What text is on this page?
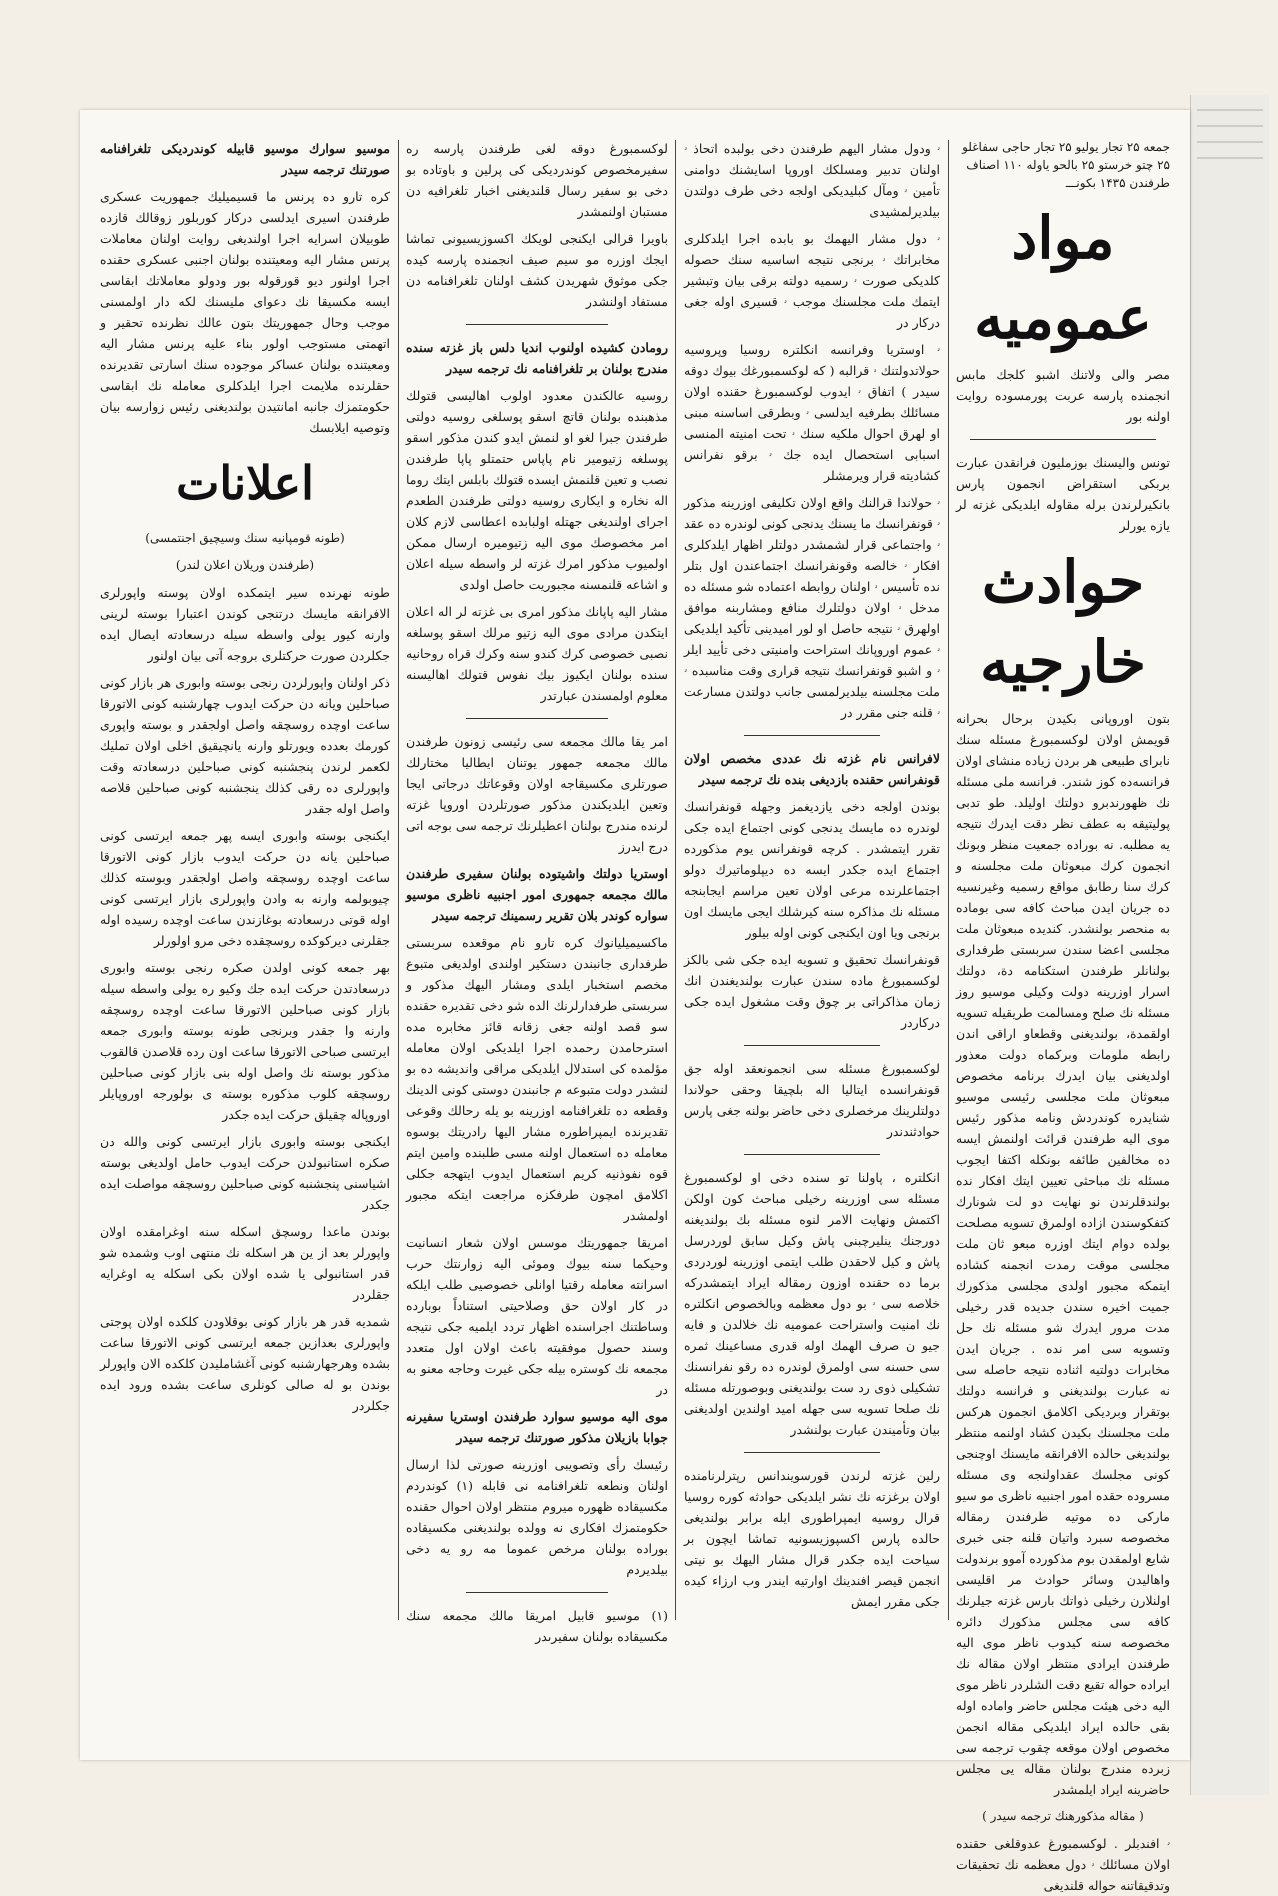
جمعه ۲۵ تجار يوليو ۲۵ تجار حاجی سفاغلو ۲۵ چتو خرستو ۲۵ بالحو ياوله ۱۱۰ اصناف طرفندن ۱۴۳۵ بكونـــ

مواد عموميه

مصر والى ولاتنك اشبو كلجك مابس انجمنده پارسه عربت پورمسوده روايت اولنه بور

تونس واليسنك بوزمليون فرانقدن عبارت بربكى استقراض انجمون پارس بانكيرلرندن برله مقاوله ايلديكى غزته لر يازه يورلر

حوادث خارجيه

بتون اوروپانى بكيدن برحال بحرانه قويمش اولان لوكسمبورغ مسئله سنك نابراى طبيعى هر بردن زياده منشاى اولان فرانسه‌ده كوز شندر. فرانسه ملى مسئله نك ظهورندبرو دولتك اوليلد. طو تدبى پوليتيقه به عطف نظر دقت ايدرك نتيجه يه مطلبه. نه بوراده جمعيت منظر وبونك انجمون كرك مبعوثان ملت مجلسنه و كرك سنا رطابق مواقع رسميه وغيرنسيه ده جريان ايدن مباحث كافه سى بوماده به منحصر بولنشدر. كنديده مبعوثان ملت مجلسى اعضا سندن سربستى طرفدارى بولنانلر طرفندن استكنامه دة، دولتك اسرار اوزرينه دولت وكيلى موسيو روز مسئله نك صلح ومسالمت طريقيله تسويه اولقمدة، بولنديغنى وقطعاو اراقى اندن رابطه ملومات وبركماه دولت معذور اولديغنى بيان ايدرك برنامه مخصوص مبعوثان ملت مجلسى رئيسى موسيو شنايدره كوندردش ونامه مذكور رئيس موى اليه طرفندن قرائت اولنمش ايسه ده مخالفين طائفه بونكله اكتفا ايجوب مسئله نك مباحثى تعيين ايتك افكار نده بولندقلرندن نو نهايت دو لت شونارك كتفكوسندن ازاده اولمرق تسويه مصلحت بولده دوام ايتك اوزره مبعو ثان ملت مجلسى موقت رمدت انجمنه كشاده ايتمكه مجبور اولدى مجلسى مذكورك جميت اخيره سندن جديده قدر رخيلى مدت مرور ايدرك شو مسئله نك حل وتسويه سى امر نده . جريان ايدن مخابرات دولتيه اثناده نتيجه حاصله سى نه عبارت بولنديغنى و فرانسه دولتك بوتقرار وبرديكى اكلامق انجمون هركس ملت مجلسنك بكيدن كشاد اولنمه منتظر بولنديغى حالده الافرانقه مايسنك اوچنجى كونى مجلسك عقداولنجه وى مسئله مسروده حقده امور اجنبيه ناظرى مو سيو ماركى ده موتيه طرفندن رمقاله مخصوصه سبرد واتيان قلنه جنى خبرى شايع اولمقدن بوم مذكورده آموو برندولت واهاليدن وسائر حوادث مر اقليسى اولنلارن رخيلى ذواتك بارس غزته جيلرنك كافه سى مجلس مذكورك دائره مخصوصه سنه كيدوب ناظر موى اليه طرفندن ايرادى منتظر اولان مقاله نك ايراده حواله تقيع دقت الشلردر ناظر موى اليه دخى هيئت مجلس حاضر واماده اوله بقى حالده ايراد ايلديكى مقاله انجمن مخصوص اولان موقعه چقوب ترجمه سى زبرده مندرج بولنان مقاله يى مجلس حاضرينه ايراد ايلمشدر

( مقاله مذكورهنك ترجمه سيدر )

ۥ افندبلر . لوكسمبورغ عدوقلغى حقنده اولان مسائلك ۥ دول معظمه نك تحقيقات وتدقيقاتنه حواله قلنديغى

ۥ ودول مشار اليهم طرفندن دخى بولبده اتحاذ ۥ اولنان تدبير ومسلكك اوروپا اسايشنك دوامنى تأمين ۥ ومآل كبليديكى اولجه دخى طرف دولتدن بيلديرلمشيدى

ۥ دول مشار اليهمك بو بابده اجرا ايلدكلرى مخابراتك ۥ برنجى نتيجه اساسيه سنك حصوله كلديكى صورت ۥ رسميه دولته برقى بيان وتبشير ايتمك ملت مجلسنك موجب ۥ قسيرى اوله جغى درکار در

ۥ اوستريا وفرانسه انكلتره روسيا وپروسيه حولاتدولتنك ۥ قرالبه ( كه لوكسمبورغك بيوك دوقه سيدر ) اتفاق ۥ ايدوب لوكسمبورغ حقنده اولان مسائلك بطرفيه ايدلسى ۥ وبطرقى اساسنه مبنى او لهرق احوال ملكيه سنك ۥ تحت امنيته المنسى اسبابى استحصال ايده جك ۥ برقو نفرانس كشاديته قرار ويرمشلر

ۥ حولاندا قرالنك واقع اولان تكليفى اوزرينه مذكور ۥ قونفرانسك ما يسنك يدنجى كونى لوندره ده عقد ۥ واجتماعى قرار لشمشدر دولتلر اظهار ايلدكلرى افكار ۥ خالصه وقونفرانسك اجتماعندن اول بتلر نده تأسيس ۥ اولنان روابطه اعتماده شو مسئله ده مدخل ۥ اولان دولتلرك منافع ومشاربنه موافق اولهرق ۥ نتيجه حاصل او لور اميدينى تأكيد ايلديكى ۥ عموم اوروپانك استراحت وامنيتى دخى تأييد ايلر ۥ و اشبو قونفرانسك نتيجه قرارى وقت مناسبده ۥ ملت مجلسنه بيلديرلمسى جانب دولتدن مسارعت ۥ قلنه جنى مقرر در

لافرانس نام غزته نك عددى مخصص اولان قونفرانس حقنده بازديغى بنده نك ترجمه سيدر

بوندن اولجه دخى يازديغمز وجهله قونفرانسك لوندره ده مايسك يدنجى كونى اجتماع ايده جكى تقرر ايتمشدر . كرچه قونفرانس يوم مذكورده اجتماع ايده جكدر ايسه ده ديپلوماتيرك دولو اجتماعلرنده مرعى اولان تعين مراسم ايجابنجه مسئله نك مذاكره سنه كيرشلك ايجى مايسك اون برنجى ويا اون ايكنجى كونى اوله بيلور

قونفرانسك تحقيق و تسويه ايده جكى شى بالكز لوكسمبورغ ماده سندن عبارت بولنديغندن انك زمان مذاكراتى بر چوق وقت مشغول ايده جكى دركاردر

لوكسمبورغ مسئله سى انجمونعقد اوله جق قونفرانسده ايتاليا اله بلچيقا وحقى حولاندا دولتلرينك مرخصلرى دخى حاضر بولنه جغى پارس حوادثندندر

انكلتره ، پاولنا تو سنده دخى او لوكسمبورغ مسئله سى اوزرينه رخيلى مباحث كون اولكن اكتمش ونهايت الامر لنوه مسئله بك بولنديغنه دورجنك ينليرچبنى پاش وكيل سابق لوردرسل پاش و كيل لاحقدن طلب ايتمى اوزرينه لوردردى برما ده حقنده اوزون رمقاله ايراد ايتمشدركه خلاصه سى ۥ بو دول معظمه وبالخصوص انكلتره نك امنيت واستراحت عموميه نك خلالدن و فايه جيو ن صرف الهمك اوله قدرى مساعينك ثمره سى حسنه سى اولمرق لوندره ده رقو نفرانسنك تشكيلى ذوى رد ست بولنديغنى وبوصورتله مسئله نك صلحا تسويه سى جهله اميد اولندين اولديغنى بيان وتأميندن عبارت بولنشدر

رلين غزته لرندن قورسويندانس رپترلرنامنده اولان برغزته نك نشر ايلديكى حوادثه كوره روسيا قرال روسيه ايمپراطورى ايله برابر بولنديغى حالده پارس اكسپوزيسونيه تماشا ايچون بر سياحت ايده جكدر قرال مشار اليهك بو نيتى انجمن قيصر افندينك اوارتيه ايندر وب ارزاء كيده جكى مقرر ايمش

لوكسمبورغ دوقه لغى طرفندن پارسه ره سفيرمخصوص كوندرديكى كى پرلين و باوتاده بو دخى بو سفير رسال قلنديغنى اخبار تلغرافيه دن مستبان اولنمشدر

باويرا قرالى ايكنجى لويكك اكسوزيسيونى تماشا ايجك اوزره مو سيم صيف انجمنده پارسه كيده جكى موثوق شهريدن كشف اولنان تلغرافنامه دن مستفاد اولنشدر

رومادن كشيده اولنوب انديا دلس باز غزته سنده مندرج بولنان بر تلغرافنامه نك ترجمه سيدر

روسيه عالكندن معدود اولوب اهاليسى قتولك مذهبنده بولنان قاتچ اسقو پوسلغى روسيه دولتى طرفندن جبرا لغو او لنمش ايدو كندن مذكور اسقو پوسلغه زتيومير نام پاپاس حتمتلو پاپا طرفندن نصب و تعين قلنمش ايسده قتولك بابلس ايتك روما اله نخاره و ايكارى روسيه دولتى طرفندن الطعدم اجراى اولنديغى جهتله اولبابده اعطاسى لازم كلان امر مخصوصك موى اليه زتيوميره ارسال ممكن اولميوب مذكور امرك غزته لر واسطه سيله اعلان و اشاعه قلنمسنه مجبوريت حاصل اولدى

مشار اليه پاپانك مذكور امرى بى غزته لر اله اعلان ايتكدن مرادى موى اليه زتيو مرلك اسقو پوسلغه نصبى خصوصى كرك كندو سنه وكرك قراه روحانيه سنده بولنان ايكيوز بيك نفوس قتولك اهاليسنه معلوم اولمسندن عبارتدر

امر يقا مالك مجمعه سى رئيسى زونون طرفندن مالك مجمعه جمهور يوتنان ايطاليا مختارلك صورتلرى مكسيقاجه اولان وقوعاتك درجاتى ايجا وتعين ايلديكندن مذكور صورتلردن اوروپا غزته لرنده مندرج بولنان اعطيلرنك ترجمه سى بوجه اتى درج ايدرز

اوستريا دولتك واشيتوده بولنان سفيرى طرفندن مالك مجمعه جمهورى امور اجنبيه ناظرى موسيو سواره كوندر بلان تقرير رسمينك ترجمه سيدر

ماكسيميليانوك كره تارو نام موقعده سربستى طرفدارى جانبندن دستكير اولندى اولديغى متبوع مخصم استخبار ايلدى ومشار اليهك مذكور و سربستى طرفدارلرنك الده شو دخى تقديره حقنده سو قصد اولنه جغى زقانه قائز مخابره مده استرحامدن رحمده اجرا ايلديكى اولان معامله مؤلمده كى استدلال ايلديكى مراقى وانديشه ده بو لنشدر دولت متبوعه م جانبندن دوستى كونى الدينك وقطعه ده تلغرافنامه اوزرينه بو يله رحالك وقوعى تقديرنده ايمپراطوره مشار اليها رادريتك بوسوه معامله ده استعمال اولنه مسى طلبنده وامين ايتم قوه نفوذنيه كريم استعمال ايدوب ايتهجه جكلى اكلامق امچون طرفكزه مراجعت ايتكه مجبور اولمشدر

امريقا جمهوريتك موسس اولان شعار انسانيت وحيكما سنه بيوك وموئى اليه زوارنتك حرب اسرانته معامله رقتيا اوانلى خصوصيى طلب ايلكه در كار اولان حق وصلاحيتى استناداً بوبارده وساطتنك اجراسنده اظهار تردد ايلميه جكى نتيجه وسند حصول موفقيته باعث اولان اول متعدد مجمعه نك كوستره بيله جكى غيرت وحاجه معنو به در

موى اليه موسيو سوارد طرفندن اوستريا سفيرنه جوابا بازيلان مذكور صورتنك ترجمه سيدر

رئيسك رأى وتصويبى اوزرينه صورتى لذا ارسال اولنان ونطعه تلغرافنامه نى قابله (۱) كوندردم مكسيقاده ظهوره ميروم منتظر اولان احوال حقنده حكومتمزك افكارى نه وولده بولنديغنى مكسيقاده بوراده بولنان مرخص عموما مه رو يه دخى بيلديردم

(۱) موسيو قابيل امريقا مالك مجمعه سنك مكسيقاده بولنان سفيرىدر

موسيو سوارك موسيو قابيله كوندرديكى تلغرافنامه صورتنك ترجمه سيدر

كره تارو ده پرنس ما قسيميليك جمهوريت عسكرى طرفندن اسيرى ايدلسى دركار كوربلور زوقالك قازده طوبيلان اسرايه اجرا اولنديغى روايت اولنان معاملات پرنس مشار اليه ومعيتنده بولنان اجنبى عسكرى حقنده اجرا اولنور ديو قورقوله بور ودولو معاملاتك ابقاسى ايسه مكسيقا نك دعواى مليسنك لكه دار اولمسنى موجب وحال جمهوريتك بتون عالك نظرنده تحقير و اتهمتى مستوجب اولور بناء عليه پرنس مشار اليه ومعيتنده بولنان عساكر موجوده سنك اسارتى تقديرنده حقلرنده ملايمت اجرا ايلدكلرى معامله نك ابقاسى حكومتمزك جانبه امانتيدن بولنديغنى رئيس زوارسه بيان وتوصيه ايلابسك

اعلانات

(طونه قومپانيه سنك وسيچيق اجنتمسى)

(طرفندن وريلان اعلان لندر)

طونه نهرنده سير ايتمكده اولان پوسته واپورلرى الافرانقه مايسك درتنجى كوندن اعتبارا بوسته لرينى وارنه كيور يولى واسطه سيله درسعادته ايصال ايده جكلردن صورت حركتلرى بروجه آتى بيان اولنور

ذكر اولنان واپورلردن رنجى بوسته وابورى هر بازار كونى صباحلين ويانه دن حركت ايدوب چهارشنبه كونى الاتورقا ساعت اوچده روسچقه واصل اولجقدر و بوسته واپورى كورمك بعدده ويورتلو وارنه يانچيقيق اخلى اولان تمليك لكعمر لرندن پنجشنبه كونى صباحلين درسعادته وقت واپورلرى ده رقى كذلك ينجشنبه كونى صباحلين قلاصه واصل اوله جقدر

ايكنجى بوسته وابورى ايسه پهر جمعه ايرتسى كونى صباحلين يانه دن حركت ايدوب بازار كونى الاتورقا ساعت اوچده روسچقه واصل اولجقدر وبوسته كذلك چيوبولمه وارنه به وادن واپورلرى بازار ايرتسى كونى اوله قوتى درسعادته بوغازندن ساعت اوچده رسيده اوله جقلرنى ديركوكده روسچقده دخى مرو اولورلر

بهر جمعه كونى اولدن صكره رنجى بوسته وابورى درسعادتدن حركت ايده جك وكيو ره يولى واسطه سيله بازار كونى صباحلين الاتورقا ساعت اوچده روسچقه وارنه وا جقدر وبرنجى طونه بوسته وابورى جمعه ايرتسى صباحى الاتورقا ساعت اون رده قلاصدن قالقوب مذكور بوسته نك واصل اوله بنى بازار كونى صباحلين روسچقه كلوب مذكوره بوسته ى بولورجه اوروپايلر اوروپاله چقيلق حركت ايده جكدر

ايكنجى بوسته وابورى بازار ايرتسى كونى والله دن صكره استانبولدن حركت ايدوب حامل اولديغى بوسته اشياسنى پنجشنبه كونى صباحلين روسچقه مواصلت ايده جكدر

بوندن ماعدا روسچق اسكله سنه اوغرامقده اولان واپورلر بعد از ين هر اسكله نك منتهى اوب وشمده شو قدر استانبولى يا شده اولان بكى اسكله يه اوغرايه جقلردر

شمديه قدر هر بازار كونى بوقلاودن كلكده اولان پوجتى واپورلرى بعدازين جمعه ايرتسى كونى الاتورقا ساعت بشده وهرجهارشنبه كونى آغشامليدن كلكده الان واپورلر بوندن بو له صالى كونلرى ساعت بشده ورود ايده جكلردر
